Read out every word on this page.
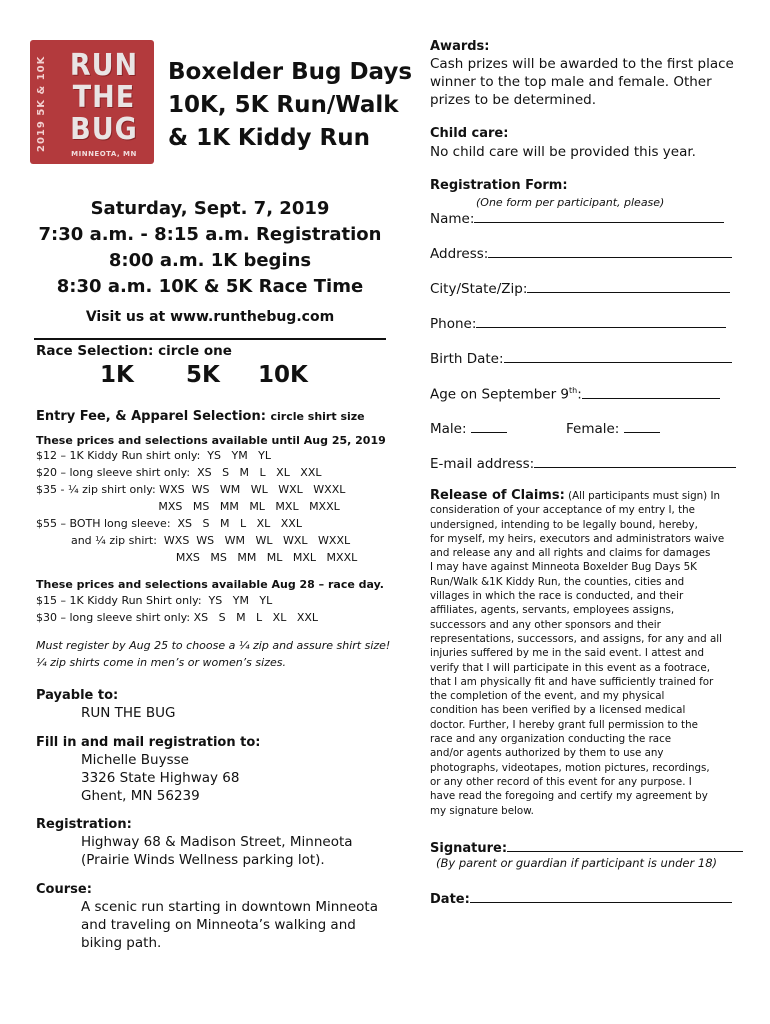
2019 5K & 10K RUN
THE
BUG
MINNEOTA, MN
Boxelder Bug Days
10K, 5K Run/Walk
& 1K Kiddy Run
Saturday, Sept. 7, 2019
7:30 a.m. - 8:15 a.m. Registration
8:00 a.m. 1K begins
8:30 a.m. 10K & 5K Race Time
Visit us at www.runthebug.com
Race Selection: circle one
1K 5K 10K
Entry Fee, & Apparel Selection: circle shirt size
These prices and selections available until Aug 25, 2019
$12 – 1K Kiddy Run shirt only:  YS   YM   YL
$20 – long sleeve shirt only:  XS   S   M   L   XL   XXL
$35 - ¼ zip shirt only: WXS  WS   WM   WL   WXL   WXXL
MXS   MS   MM   ML   MXL   MXXL
$55 – BOTH long sleeve:  XS   S   M   L   XL   XXL
and ¼ zip shirt:  WXS  WS   WM   WL   WXL   WXXL
MXS   MS   MM   ML   MXL   MXXL
These prices and selections available Aug 28 – race day.
$15 – 1K Kiddy Run Shirt only:  YS   YM   YL
$30 – long sleeve shirt only: XS   S   M   L   XL   XXL
Must register by Aug 25 to choose a ¼ zip and assure shirt size! ¼ zip shirts come in men’s or women’s sizes.
Payable to:
RUN THE BUG
Fill in and mail registration to:
Michelle Buysse
3326 State Highway 68
Ghent, MN 56239
Registration:
Highway 68 & Madison Street, Minneota
(Prairie Winds Wellness parking lot).
Course:
A scenic run starting in downtown Minneota
and traveling on Minneota’s walking and
biking path.
Awards:
Cash prizes will be awarded to the first place
winner to the top male and female. Other
prizes to be determined.
Child care:
No child care will be provided this year.
Registration Form:
(One form per participant, please)
Name:
Address:
City/State/Zip:
Phone:
Birth Date:
Age on September 9th:
Male:	Female:
E-mail address:
Release of Claims: (All participants must sign) In
consideration of your acceptance of my entry I, the
undersigned, intending to be legally bound, hereby,
for myself, my heirs, executors and administrators waive
and release any and all rights and claims for damages
I may have against Minneota Boxelder Bug Days 5K
Run/Walk &1K Kiddy Run, the counties, cities and
villages in which the race is conducted, and their
affiliates, agents, servants, employees assigns,
successors and any other sponsors and their
representations, successors, and assigns, for any and all
injuries suffered by me in the said event. I attest and
verify that I will participate in this event as a footrace,
that I am physically fit and have sufficiently trained for
the completion of the event, and my physical
condition has been verified by a licensed medical
doctor. Further, I hereby grant full permission to the
race and any organization conducting the race
and/or agents authorized by them to use any
photographs, videotapes, motion pictures, recordings,
or any other record of this event for any purpose. I
have read the foregoing and certify my agreement by
my signature below.
Signature:
(By parent or guardian if participant is under 18)
Date:
